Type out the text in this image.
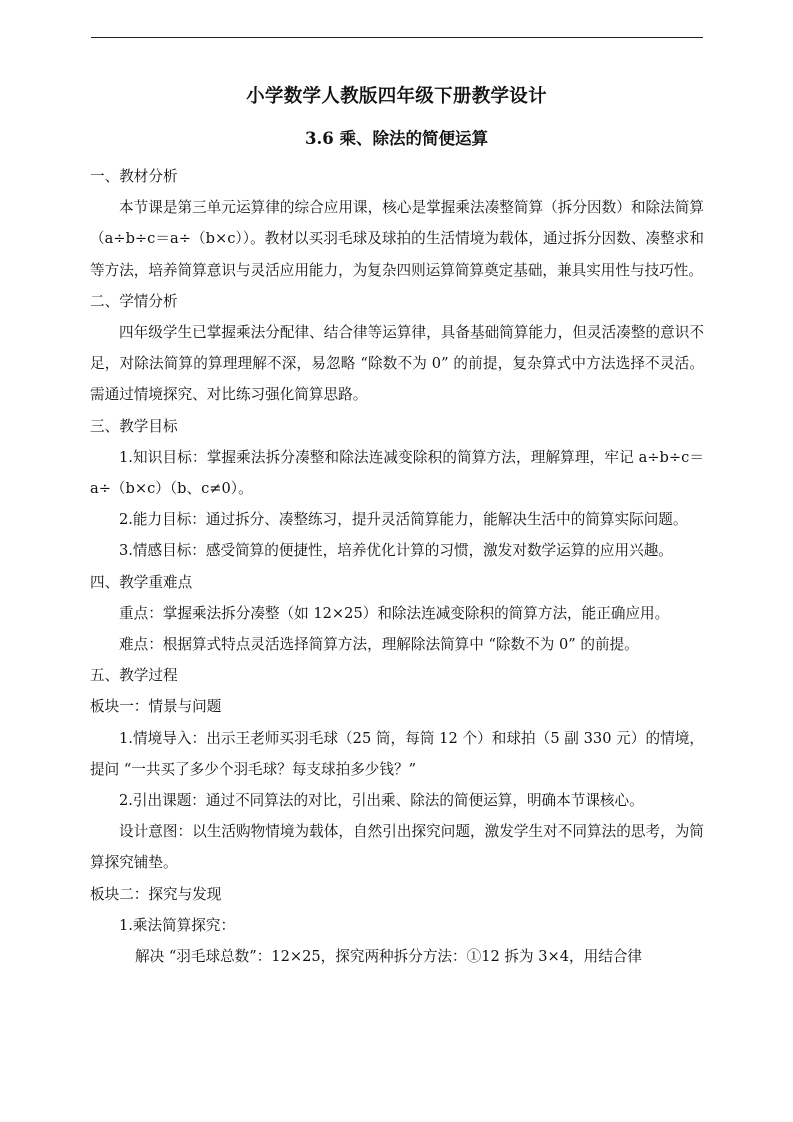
小学数学人教版四年级下册教学设计
3.6 乘、除法的简便运算

一、教材分析

本节课是第三单元运算律的综合应用课，核心是掌握乘法凑整简算（拆分因数）和除法简算（a÷b÷c＝a÷（b×c））。教材以买羽毛球及球拍的生活情境为载体，通过拆分因数、凑整求和等方法，培养简算意识与灵活应用能力，为复杂四则运算简算奠定基础，兼具实用性与技巧性。

二、学情分析

四年级学生已掌握乘法分配律、结合律等运算律，具备基础简算能力，但灵活凑整的意识不足，对除法简算的算理理解不深，易忽略 “除数不为 0” 的前提，复杂算式中方法选择不灵活。需通过情境探究、对比练习强化简算思路。

三、教学目标

1.知识目标：掌握乘法拆分凑整和除法连减变除积的简算方法，理解算理，牢记 a÷b÷c＝a÷（b×c）（b、c≠0）。

2.能力目标：通过拆分、凑整练习，提升灵活简算能力，能解决生活中的简算实际问题。

3.情感目标：感受简算的便捷性，培养优化计算的习惯，激发对数学运算的应用兴趣。

四、教学重难点

重点：掌握乘法拆分凑整（如 12×25）和除法连减变除积的简算方法，能正确应用。

难点：根据算式特点灵活选择简算方法，理解除法简算中 “除数不为 0” 的前提。

五、教学过程

板块一：情景与问题

1.情境导入：出示王老师买羽毛球（25 筒，每筒 12 个）和球拍（5 副 330 元）的情境，提问 “一共买了多少个羽毛球？每支球拍多少钱？”

2.引出课题：通过不同算法的对比，引出乘、除法的简便运算，明确本节课核心。

设计意图：以生活购物情境为载体，自然引出探究问题，激发学生对不同算法的思考，为简算探究铺垫。

板块二：探究与发现

1.乘法简算探究：

解决 “羽毛球总数”：12×25，探究两种拆分方法：①12 拆为 3×4，用结合律
